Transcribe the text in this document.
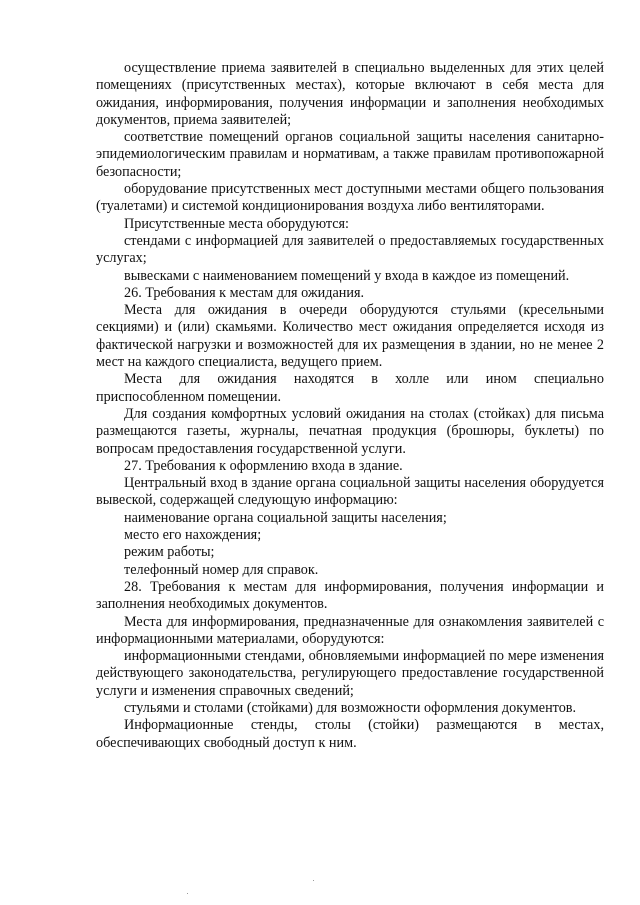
осуществление приема заявителей в специально выделенных для этих целей помещениях (присутственных местах), которые включают в себя места для ожидания, информирования, получения информации и заполнения необходимых документов, приема заявителей;

соответствие помещений органов социальной защиты населения санитарно-эпидемиологическим правилам и нормативам, а также правилам противопожарной безопасности;

оборудование присутственных мест доступными местами общего пользования (туалетами) и системой кондиционирования воздуха либо вентиляторами.

Присутственные места оборудуются:

стендами с информацией для заявителей о предоставляемых государственных услугах;

вывесками с наименованием помещений у входа в каждое из помещений.

26. Требования к местам для ожидания.

Места для ожидания в очереди оборудуются стульями (кресельными секциями) и (или) скамьями. Количество мест ожидания определяется исходя из фактической нагрузки и возможностей для их размещения в здании, но не менее 2 мест на каждого специалиста, ведущего прием.

Места для ожидания находятся в холле или ином специально приспособленном помещении.

Для создания комфортных условий ожидания на столах (стойках) для письма размещаются газеты, журналы, печатная продукция (брошюры, буклеты) по вопросам предоставления государственной услуги.

27. Требования к оформлению входа в здание.

Центральный вход в здание органа социальной защиты населения оборудуется вывеской, содержащей следующую информацию:

наименование органа социальной защиты населения;

место его нахождения;

режим работы;

телефонный номер для справок.

28. Требования к местам для информирования, получения информации и заполнения необходимых документов.

Места для информирования, предназначенные для ознакомления заявителей с информационными материалами, оборудуются:

информационными стендами, обновляемыми информацией по мере изменения действующего законодательства, регулирующего предоставление государственной услуги и изменения справочных сведений;

стульями и столами (стойками) для возможности оформления документов.

Информационные стенды, столы (стойки) размещаются в местах, обеспечивающих свободный доступ к ним.
